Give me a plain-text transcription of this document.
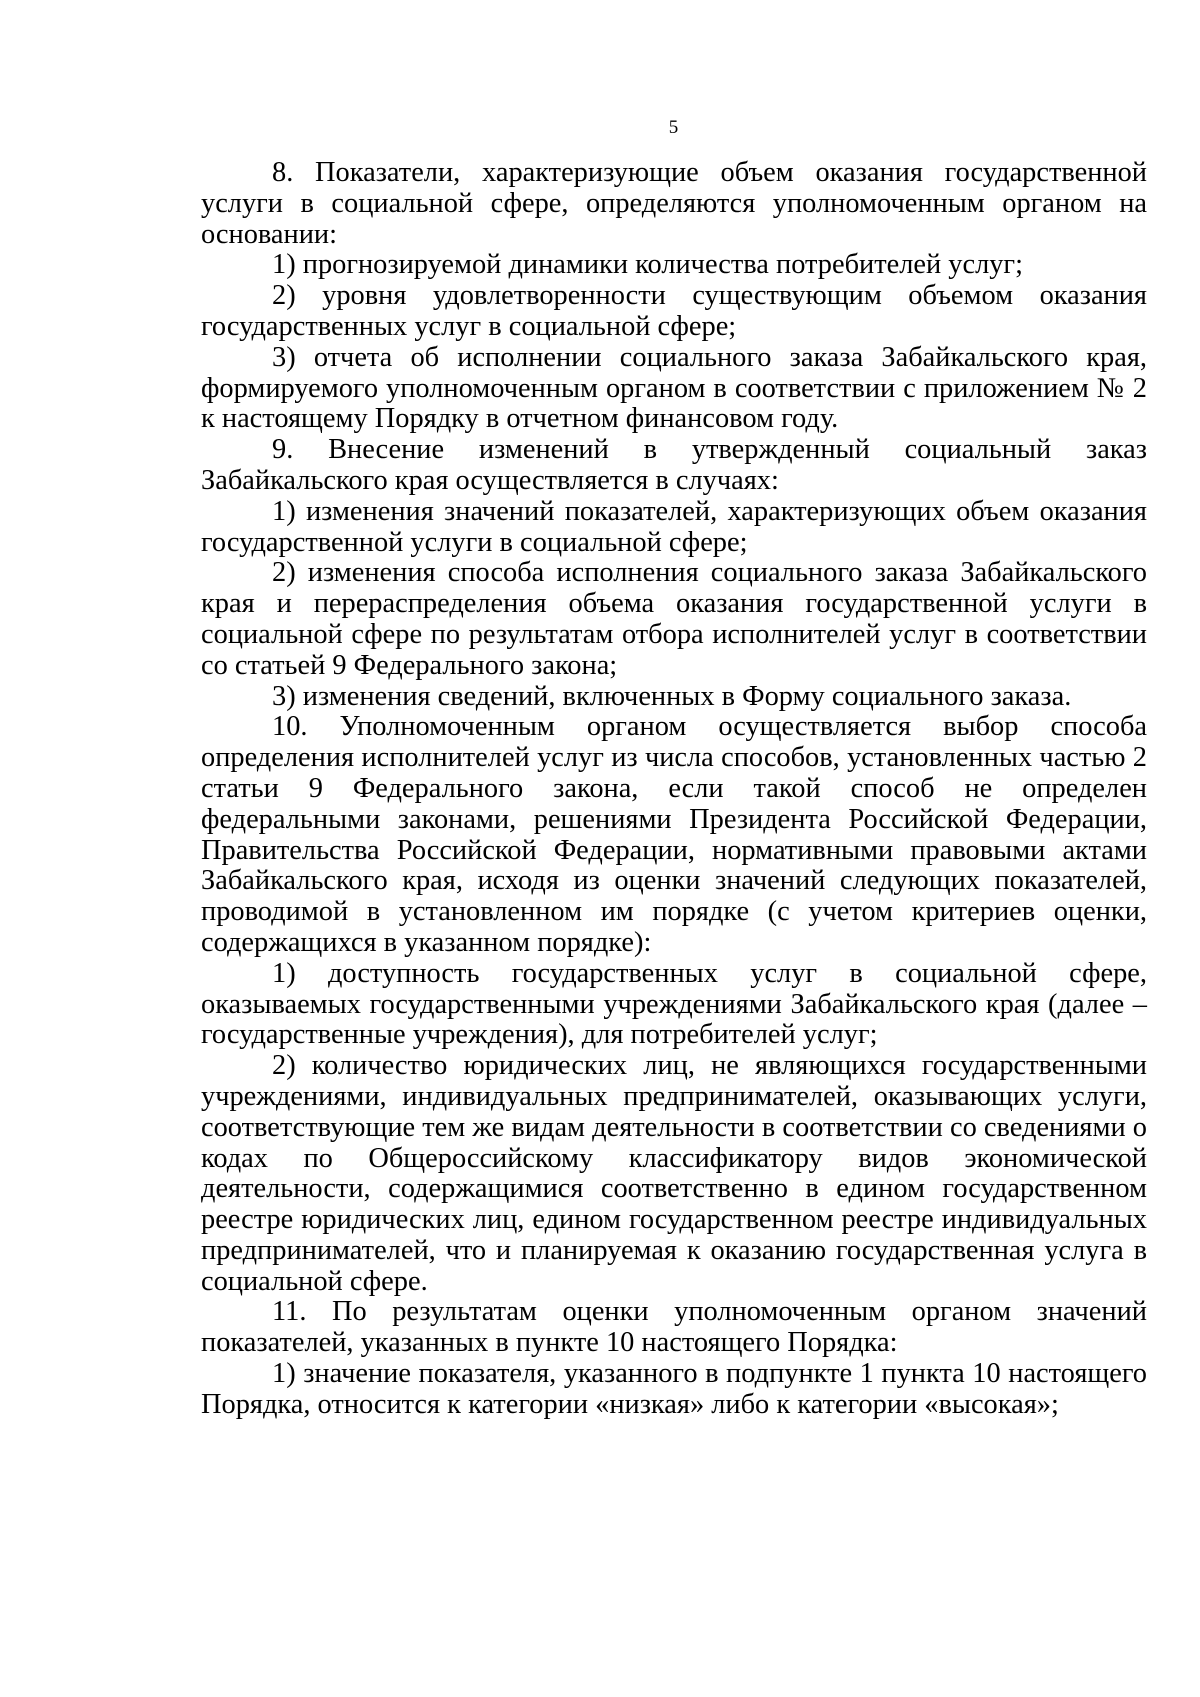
5

8. Показатели, характеризующие объем оказания государственной услуги в социальной сфере, определяются уполномоченным органом на основании:

1) прогнозируемой динамики количества потребителей услуг;

2) уровня удовлетворенности существующим объемом оказания государственных услуг в социальной сфере;

3) отчета об исполнении социального заказа Забайкальского края, формируемого уполномоченным органом в соответствии с приложением № 2 к настоящему Порядку в отчетном финансовом году.

9. Внесение изменений в утвержденный социальный заказ Забайкальского края осуществляется в случаях:

1) изменения значений показателей, характеризующих объем оказания государственной услуги в социальной сфере;

2) изменения способа исполнения социального заказа Забайкальского края и перераспределения объема оказания государственной услуги в социальной сфере по результатам отбора исполнителей услуг в соответствии со статьей 9 Федерального закона;

3) изменения сведений, включенных в Форму социального заказа.

10. Уполномоченным органом осуществляется выбор способа определения исполнителей услуг из числа способов, установленных частью 2 статьи 9 Федерального закона, если такой способ не определен федеральными законами, решениями Президента Российской Федерации, Правительства Российской Федерации, нормативными правовыми актами Забайкальского края, исходя из оценки значений следующих показателей, проводимой в установленном им порядке (с учетом критериев оценки, содержащихся в указанном порядке):

1) доступность государственных услуг в социальной сфере, оказываемых государственными учреждениями Забайкальского края (далее – государственные учреждения), для потребителей услуг;

2) количество юридических лиц, не являющихся государственными учреждениями, индивидуальных предпринимателей, оказывающих услуги, соответствующие тем же видам деятельности в соответствии со сведениями о кодах по Общероссийскому классификатору видов экономической деятельности, содержащимися соответственно в едином государственном реестре юридических лиц, едином государственном реестре индивидуальных предпринимателей, что и планируемая к оказанию государственная услуга в социальной сфере.

11. По результатам оценки уполномоченным органом значений показателей, указанных в пункте 10 настоящего Порядка:

1) значение показателя, указанного в подпункте 1 пункта 10 настоящего Порядка, относится к категории «низкая» либо к категории «высокая»;
